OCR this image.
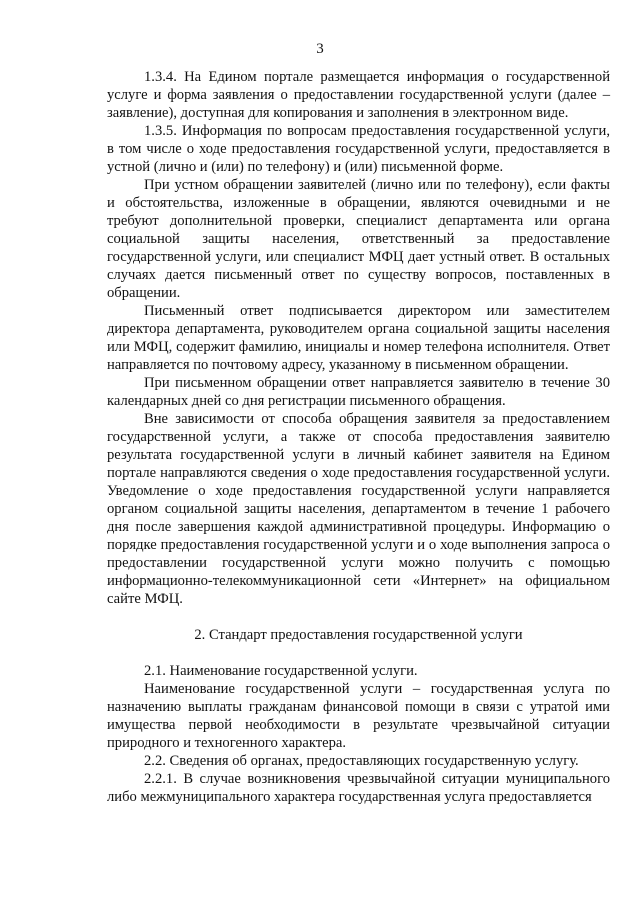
3

1.3.4. На Едином портале размещается информация о государственной услуге и форма заявления о предоставлении государственной услуги (далее – заявление), доступная для копирования и заполнения в электронном виде.

1.3.5. Информация по вопросам предоставления государственной услуги, в том числе о ходе предоставления государственной услуги, предоставляется в устной (лично и (или) по телефону) и (или) письменной форме.

При устном обращении заявителей (лично или по телефону), если факты и обстоятельства, изложенные в обращении, являются очевидными и не требуют дополнительной проверки, специалист департамента или органа социальной защиты населения, ответственный за предоставление государственной услуги, или специалист МФЦ дает устный ответ. В остальных случаях дается письменный ответ по существу вопросов, поставленных в обращении.

Письменный ответ подписывается директором или заместителем директора департамента, руководителем органа социальной защиты населения или МФЦ, содержит фамилию, инициалы и номер телефона исполнителя. Ответ направляется по почтовому адресу, указанному в письменном обращении.

При письменном обращении ответ направляется заявителю в течение 30 календарных дней со дня регистрации письменного обращения.

Вне зависимости от способа обращения заявителя за предоставлением государственной услуги, а также от способа предоставления заявителю результата государственной услуги в личный кабинет заявителя на Едином портале направляются сведения о ходе предоставления государственной услуги. Уведомление о ходе предоставления государственной услуги направляется органом социальной защиты населения, департаментом в течение 1 рабочего дня после завершения каждой административной процедуры. Информацию о порядке предоставления государственной услуги и о ходе выполнения запроса о предоставлении государственной услуги можно получить с помощью информационно-телекоммуникационной сети «Интернет» на официальном сайте МФЦ.

2. Стандарт предоставления государственной услуги

2.1. Наименование государственной услуги.

Наименование государственной услуги – государственная услуга по назначению выплаты гражданам финансовой помощи в связи с утратой ими имущества первой необходимости в результате чрезвычайной ситуации природного и техногенного характера.

2.2. Сведения об органах, предоставляющих государственную услугу.

2.2.1. В случае возникновения чрезвычайной ситуации муниципального либо межмуниципального характера государственная услуга предоставляется
